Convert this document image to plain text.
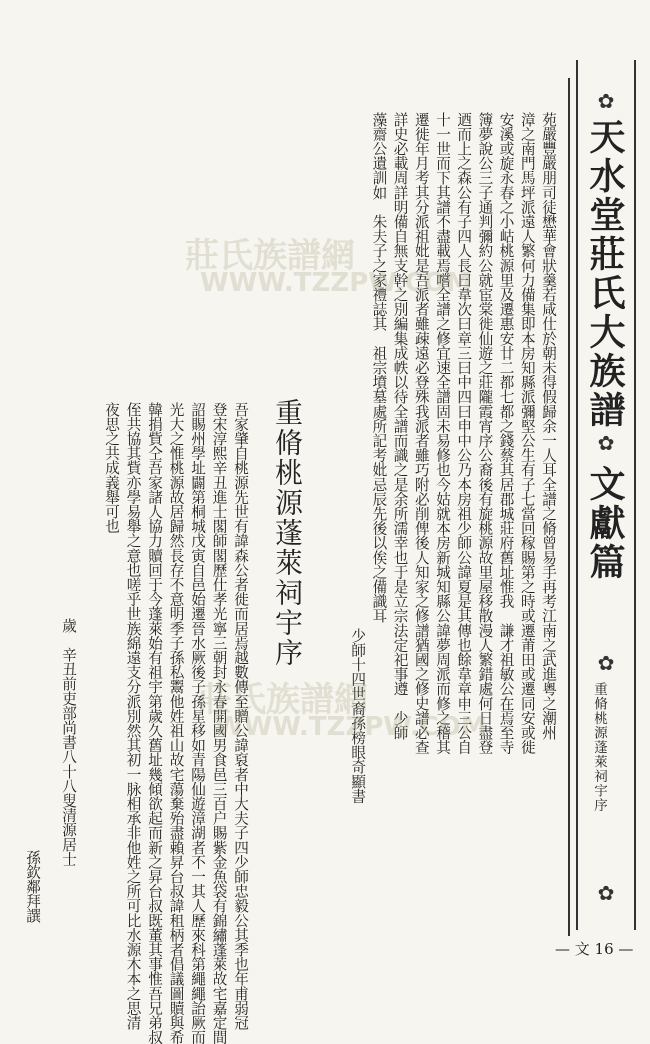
✿
✿
✿
✿
天水堂莊氏大族譜
文獻篇
重脩桃源蓬萊祠宇序
苑嚴豐嚴朋司徒懋華會狀羹若咸仕於朝未得假歸余一人耳全譜之脩曾易手再考江南之武進粵之潮州
漳之南門馬坪派遠人繁何力備集即本房知縣派彌堅公生有子七當回稼賜第之時或遷莆田或遷同安或徙
安溪或旋永春之小岵桃源里及遷惠安廿二都七都之錢蔡其居郡城莊府舊址惟我　謙才祖敏公在焉至寺
簿夢說公三子通判彌約公就宦棠徙仙遊之莊隴霞宵序公裔後有旋桃源故里屋移散漫人繁錯處何日盡登
迺而上之森公有子四人長曰韋次曰章三曰中四曰申中公乃本房祖少師公諱夏是其傳也餘韋章申三公自
十一世而下其譜不盡載焉嚐全譜之修宜速全譜固未易修也今姑就本房新城知縣公諱夢周派而修之稽其
遷徙年月考其分派祖妣是吾派者雖疎遠必登殊我派者雖巧附必削俾後人知家之修譜猶國之修史譜必查
詳史必載周詳明備自無支幹之別編集成帙以待全譜而識之是余所濡幸也于是立宗法定祀事遵　少師
藻齋公遺訓如　朱夫子之家禮誌其　祖宗墳墓處所記考妣忌辰先後以俟之備識耳
少師十四世裔孫榜眼奇顯書
重脩桃源蓬萊祠宇序
吾家肇自桃源先世有諱森公者徙而居焉越數傳至贈公諱裒者中大夫子四少師忠毅公其季也年甫弱冠
登宋淳熙辛丑進士閣師閣歷仕孝光寧三朝封永春開國男食邑三百户賜紫金魚袋有錦繡蓬萊故宅嘉定間
詔賜州學址闢第桐城戊寅自邑始遷晉水厥後子孫星移如青陽仙遊漳湖者不一其人歷來科第繩繩詒厥而
光大之惟桃源故居歸然長存不意明季子孫私鬻他姓祖山故宅蕩棄殆盡賴昇台叔諱租柄者倡議圖贖與希
韓捐貲仝吾家諸人協力贖回于今蓬萊始有祖宇第歲久舊址幾傾欲起而新之昇台叔既董其事惟吾兄弟叔
侄共協其貲亦學易舉之意也嗟乎世族綿遠支分派別然其初一脉相承非他姓之所可比水源木本之思清
夜思之共成義舉可也
歲　辛丑前吏部尚書八十八叟清源居士
孫欽鄰拜譔
— 文 16 —
莊氏族譜網
WWW.TZZPW.COM
莊氏族譜網
WWW.TZZPW.COM
